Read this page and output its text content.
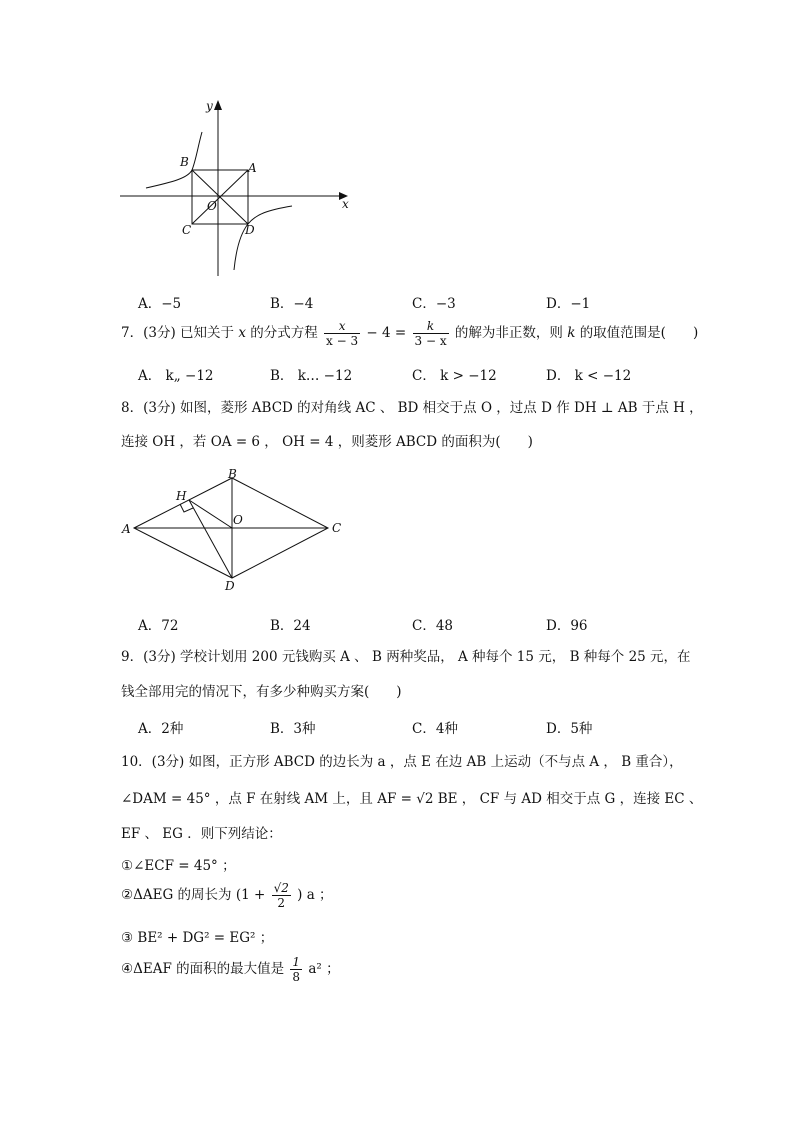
y
x
B	A
O
C	D
A．−5	B．−4	C．−3	D．−1
7．(3分) 已知关于 x 的分式方程 $\frac{x}{x - 3} - 4 = \frac{k}{3 - x}$ 的解为非正数，则 k 的取值范围是(　　)
A． k„ −12	B． k… −12	C． k > −12	D． k < −12
8．(3分) 如图，菱形 ABCD 的对角线 AC 、 BD 相交于点 O ，过点 D 作 DH ⊥ AB 于点 H ，
连接 OH ，若 OA = 6 ， OH = 4 ，则菱形 ABCD 的面积为(　　)
A
B
C
D
H
O
A．72	B．24	C．48	D．96
9．(3分) 学校计划用 200 元钱购买 A 、 B 两种奖品， A 种每个 15 元， B 种每个 25 元，在
钱全部用完的情况下，有多少种购买方案(　　)
A．2种	B．3种	C．4种	D．5种
10．(3分) 如图，正方形 ABCD 的边长为 a ，点 E 在边 AB 上运动（不与点 A ， B 重合），
∠DAM = 45° ，点 F 在射线 AM 上，且 AF = √2 BE ， CF 与 AD 相交于点 G ，连接 EC 、
EF 、 EG ．则下列结论：
①∠ECF = 45° ；
②ΔAEG 的周长为 ($1 + \frac{√2}{2}$ ) a ；
③ BE² + DG² = EG² ；
④ΔEAF 的面积的最大值是 $\frac{1}{8} a^2$ ；
